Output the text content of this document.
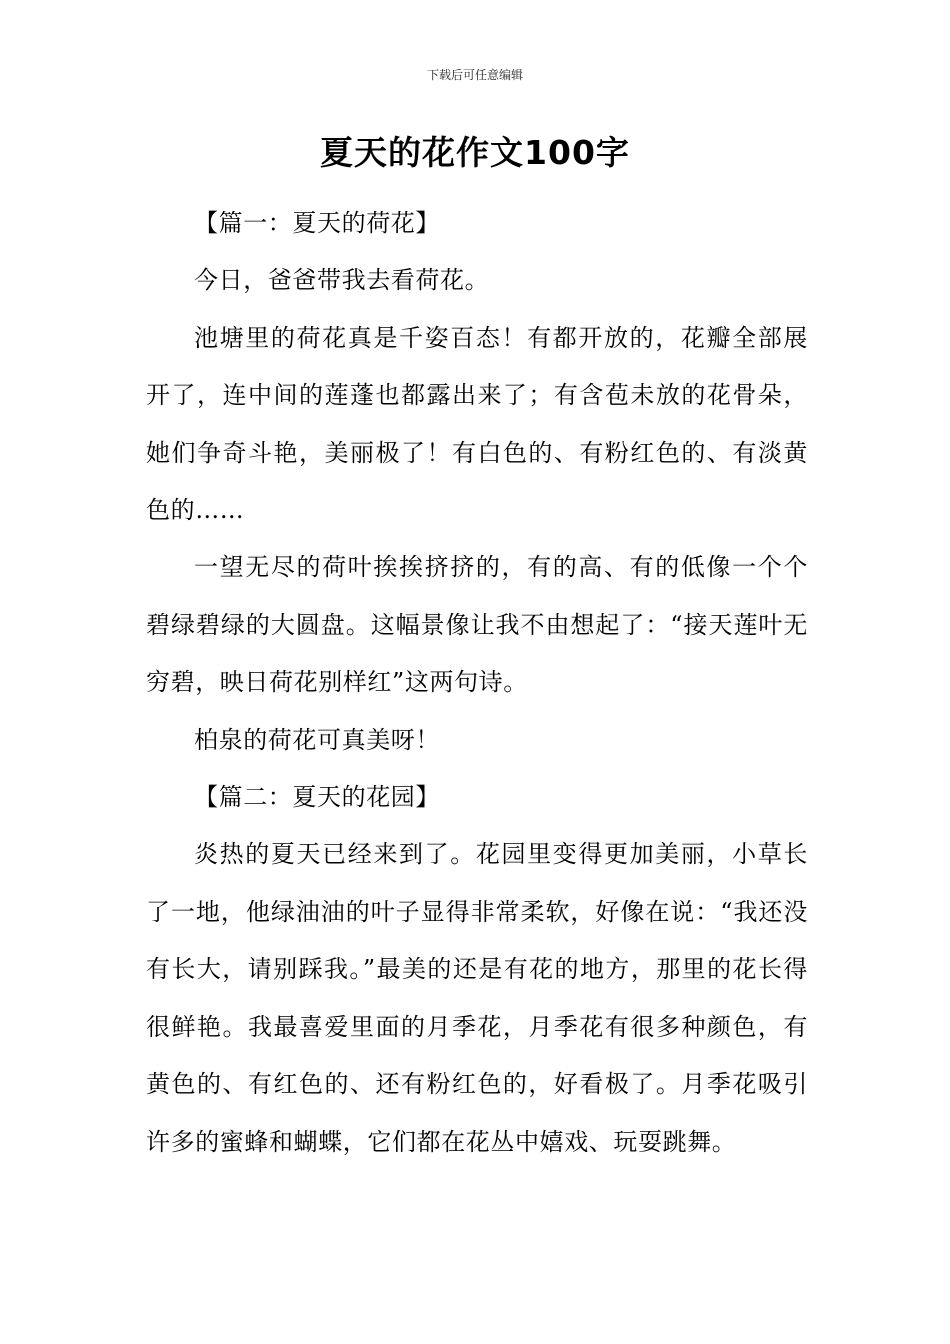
下载后可任意编辑
夏天的花作文100字

【篇一：夏天的荷花】

今日，爸爸带我去看荷花。

池塘里的荷花真是千姿百态！有都开放的，花瓣全部展开了，连中间的莲蓬也都露出来了；有含苞未放的花骨朵，她们争奇斗艳，美丽极了！有白色的、有粉红色的、有淡黄色的……

一望无尽的荷叶挨挨挤挤的，有的高、有的低像一个个碧绿碧绿的大圆盘。这幅景像让我不由想起了：“接天莲叶无穷碧，映日荷花别样红”这两句诗。

柏泉的荷花可真美呀！

【篇二：夏天的花园】

炎热的夏天已经来到了。花园里变得更加美丽，小草长了一地，他绿油油的叶子显得非常柔软，好像在说：“我还没有长大，请别踩我。”最美的还是有花的地方，那里的花长得很鲜艳。我最喜爱里面的月季花，月季花有很多种颜色，有黄色的、有红色的、还有粉红色的，好看极了。月季花吸引许多的蜜蜂和蝴蝶，它们都在花丛中嬉戏、玩耍跳舞。
